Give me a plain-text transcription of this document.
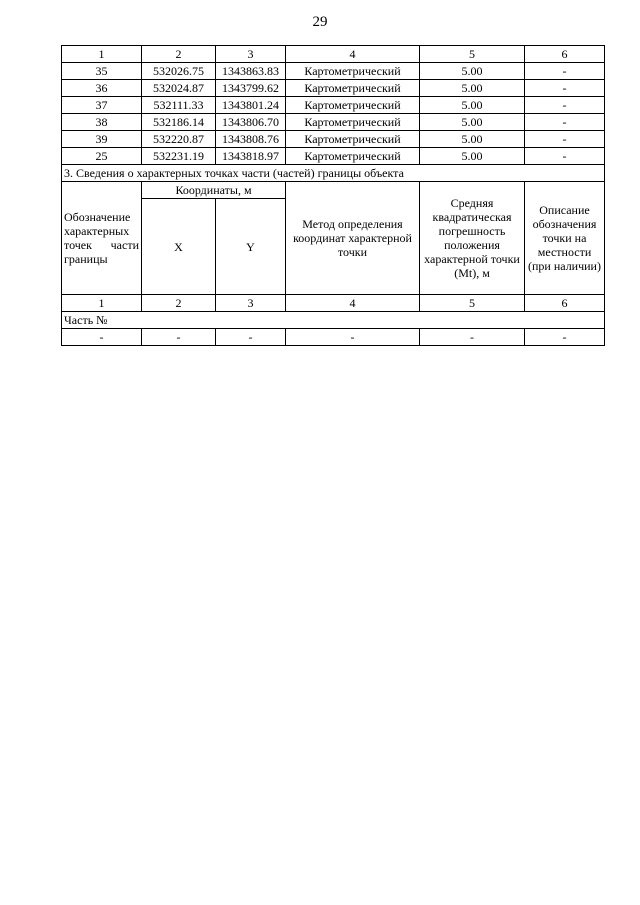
29
1	2	3	4	5	6
35	532026.75	1343863.83	Картометрический	5.00	-
36	532024.87	1343799.62	Картометрический	5.00	-
37	532111.33	1343801.24	Картометрический	5.00	-
38	532186.14	1343806.70	Картометрический	5.00	-
39	532220.87	1343808.76	Картометрический	5.00	-
25	532231.19	1343818.97	Картометрический	5.00	-
3. Сведения о характерных точках части (частей) границы объекта					
Обозначение характерных точек части границы	Координаты, м		Метод определения координат характерной точки	Средняя квадратическая погрешность положения характерной точки (Mt), м	Описание обозначения точки на местности (при наличии)
	X	Y			
1	2	3	4	5	6
Часть №					
-	-	-	-	-	-
